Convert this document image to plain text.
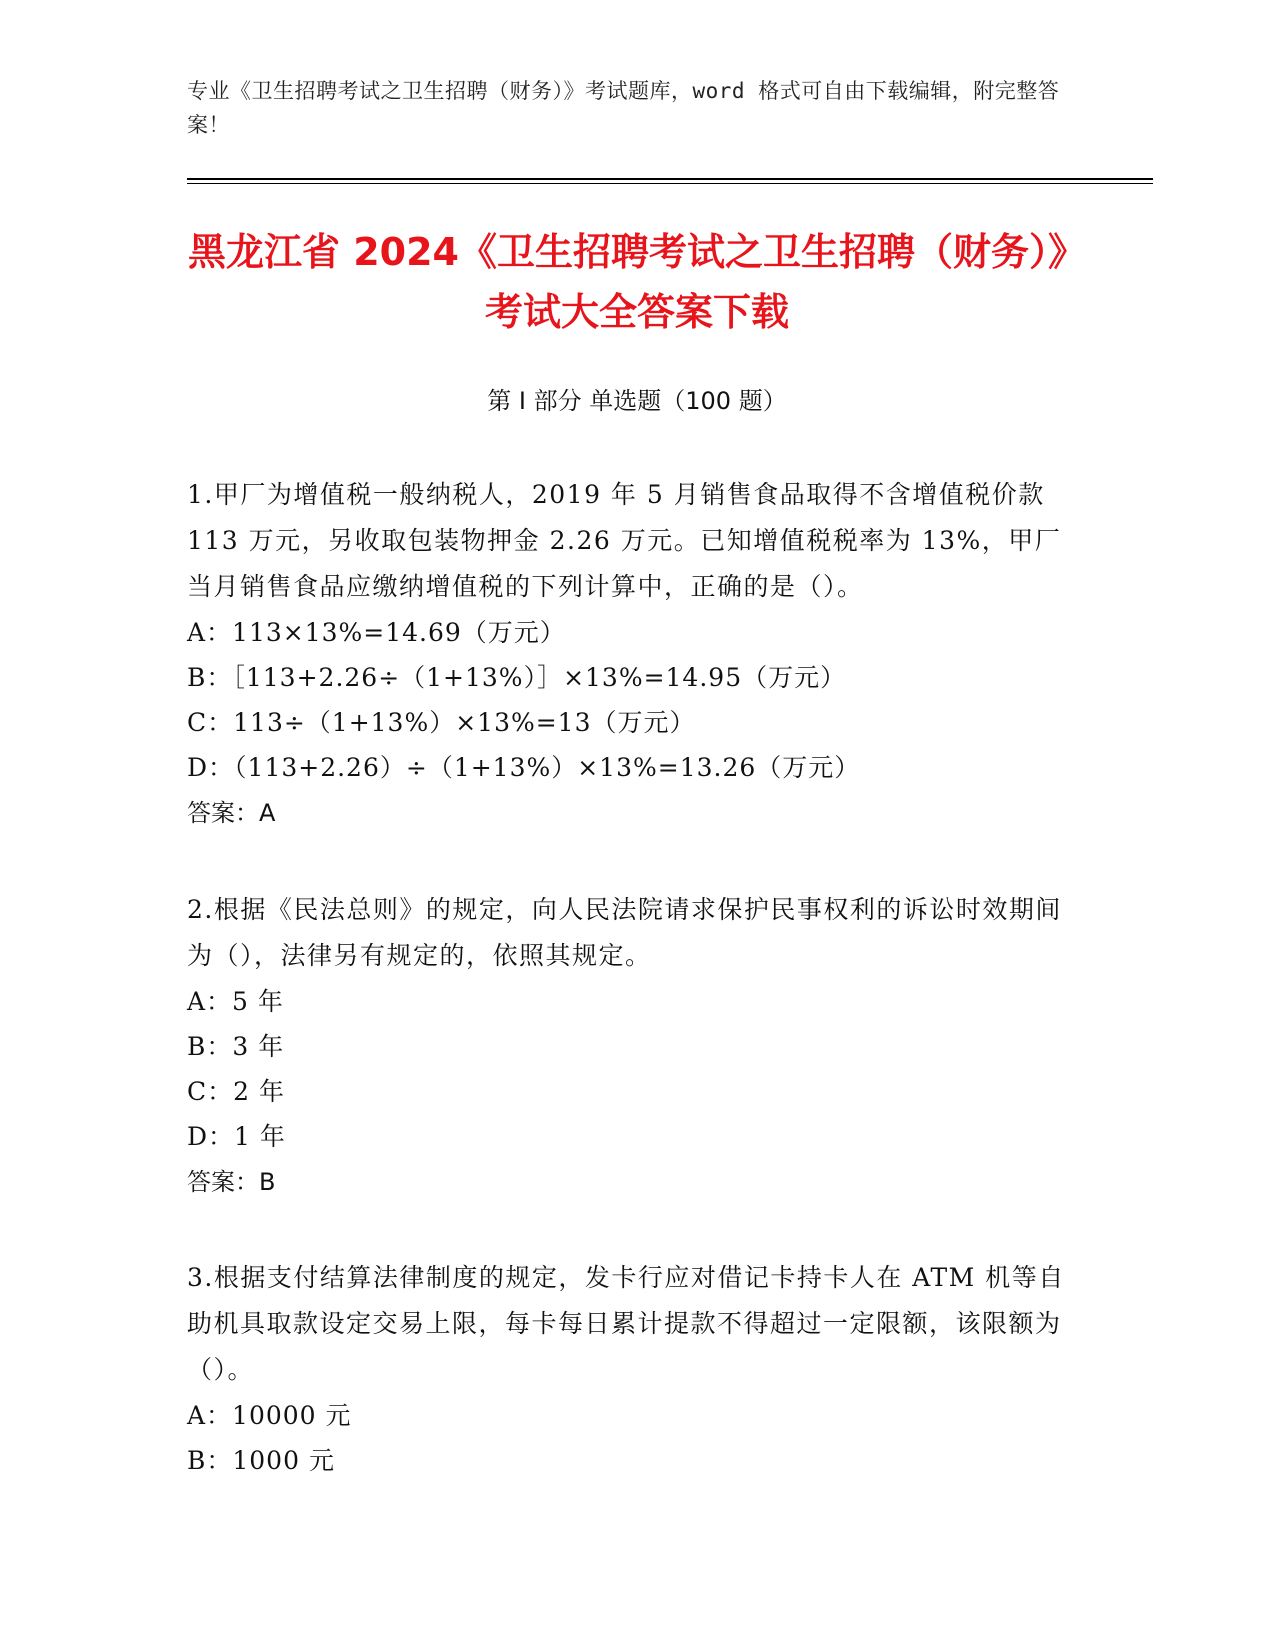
专业《卫生招聘考试之卫生招聘（财务）》考试题库，word 格式可自由下载编辑，附完整答案！
黑龙江省 2024《卫生招聘考试之卫生招聘（财务）》考试大全答案下载
第 I 部分 单选题（100 题）

1.甲厂为增值税一般纳税人，2019 年 5 月销售食品取得不含增值税价款 113 万元，另收取包装物押金 2.26 万元。已知增值税税率为 13%，甲厂当月销售食品应缴纳增值税的下列计算中，正确的是（）。

A：113×13%=14.69（万元）

B：［113+2.26÷（1+13%）］×13%=14.95（万元）

C：113÷（1+13%）×13%=13（万元）

D：（113+2.26）÷（1+13%）×13%=13.26（万元）

答案：A

2.根据《民法总则》的规定，向人民法院请求保护民事权利的诉讼时效期间为（），法律另有规定的，依照其规定。

A：5 年

B：3 年

C：2 年

D：1 年

答案：B

3.根据支付结算法律制度的规定，发卡行应对借记卡持卡人在 ATM 机等自助机具取款设定交易上限，每卡每日累计提款不得超过一定限额，该限额为（）。

A：10000 元

B：1000 元
